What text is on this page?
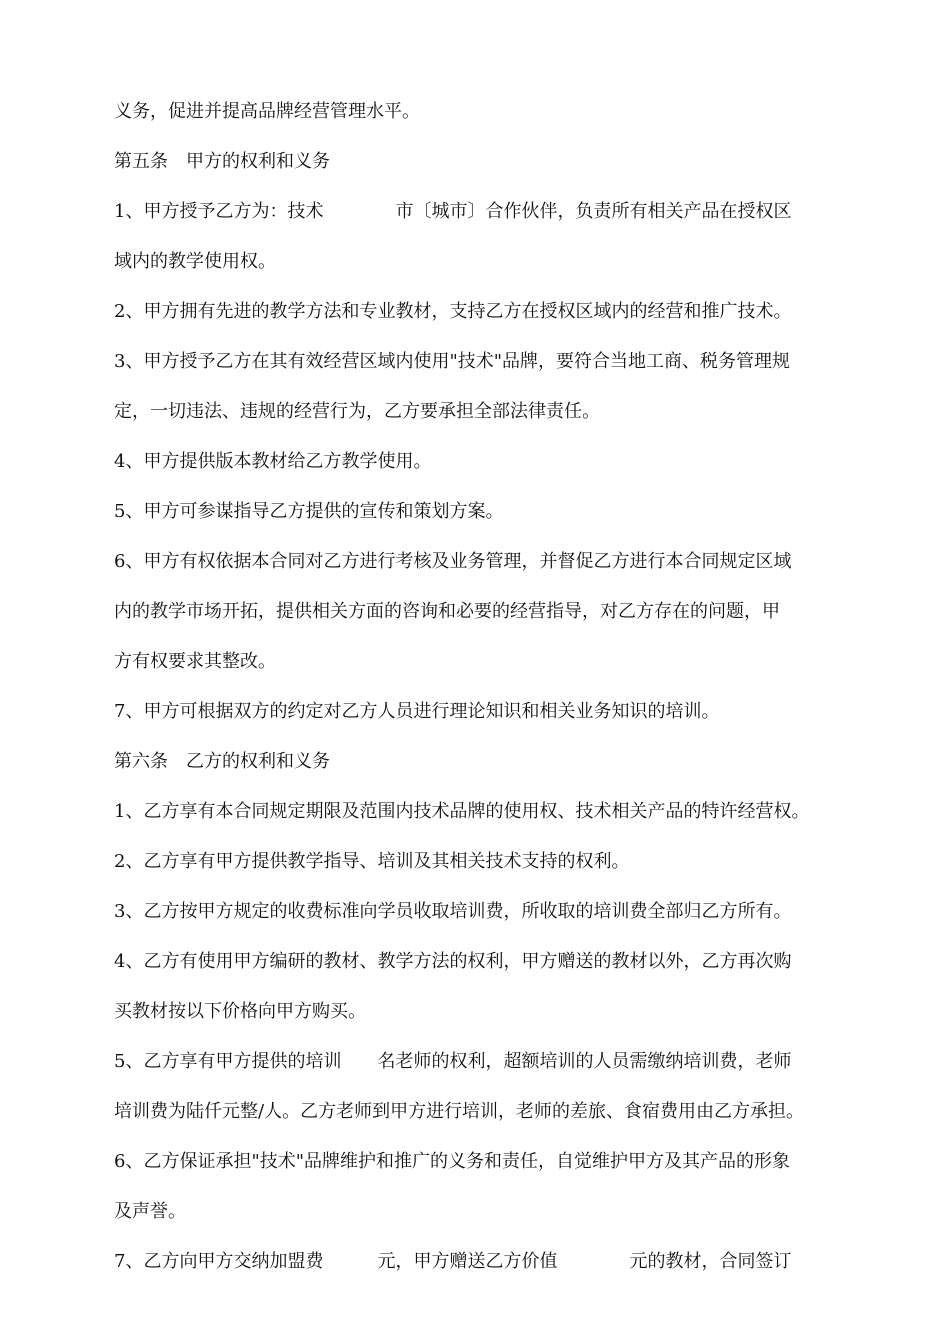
义务，促进并提高品牌经营管理水平。
第五条　甲方的权利和义务
1、甲方授予乙方为：技术　　　　市〔城市〕合作伙伴，负责所有相关产品在授权区
域内的教学使用权。
2、甲方拥有先进的教学方法和专业教材，支持乙方在授权区域内的经营和推广技术。
3、甲方授予乙方在其有效经营区域内使用"技术"品牌，要符合当地工商、税务管理规
定，一切违法、违规的经营行为，乙方要承担全部法律责任。
4、甲方提供版本教材给乙方教学使用。
5、甲方可参谋指导乙方提供的宣传和策划方案。
6、甲方有权依据本合同对乙方进行考核及业务管理，并督促乙方进行本合同规定区域
内的教学市场开拓，提供相关方面的咨询和必要的经营指导，对乙方存在的问题，甲
方有权要求其整改。
7、甲方可根据双方的约定对乙方人员进行理论知识和相关业务知识的培训。
第六条　乙方的权利和义务
1、乙方享有本合同规定期限及范围内技术品牌的使用权、技术相关产品的特许经营权。
2、乙方享有甲方提供教学指导、培训及其相关技术支持的权利。
3、乙方按甲方规定的收费标准向学员收取培训费，所收取的培训费全部归乙方所有。
4、乙方有使用甲方编研的教材、教学方法的权利，甲方赠送的教材以外，乙方再次购
买教材按以下价格向甲方购买。
5、乙方享有甲方提供的培训　　名老师的权利，超额培训的人员需缴纳培训费，老师
培训费为陆仟元整/人。乙方老师到甲方进行培训，老师的差旅、食宿费用由乙方承担。
6、乙方保证承担"技术"品牌维护和推广的义务和责任，自觉维护甲方及其产品的形象
及声誉。
7、乙方向甲方交纳加盟费　　　元，甲方赠送乙方价值　　　　元的教材，合同签订
